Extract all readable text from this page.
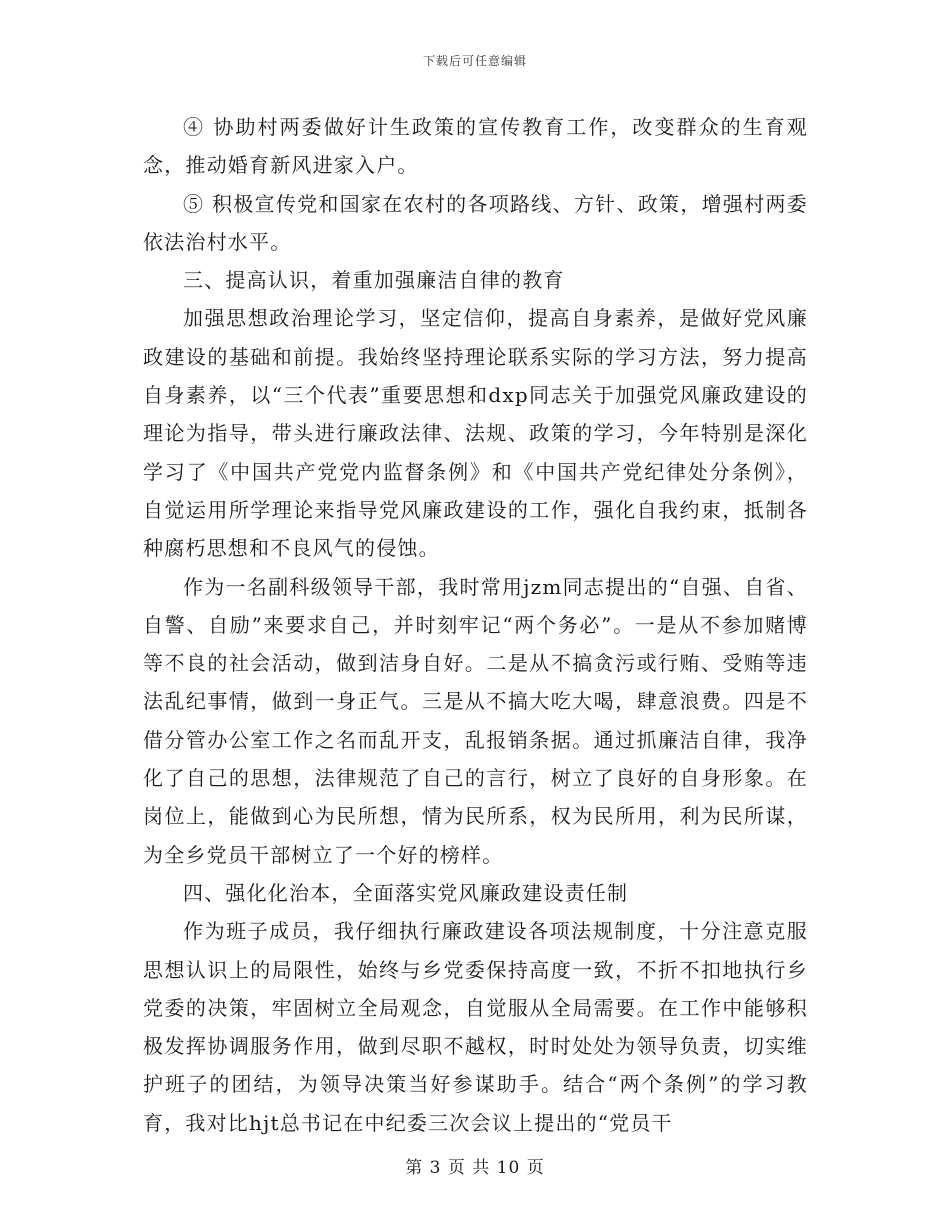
下载后可任意编辑

④ 协助村两委做好计生政策的宣传教育工作，改变群众的生育观念，推动婚育新风进家入户。

⑤ 积极宣传党和国家在农村的各项路线、方针、政策，增强村两委依法治村水平。

三、提高认识，着重加强廉洁自律的教育

加强思想政治理论学习，坚定信仰，提高自身素养，是做好党风廉政建设的基础和前提。我始终坚持理论联系实际的学习方法，努力提高自身素养，以“三个代表”重要思想和dxp同志关于加强党风廉政建设的理论为指导，带头进行廉政法律、法规、政策的学习，今年特别是深化学习了《中国共产党党内监督条例》和《中国共产党纪律处分条例》，自觉运用所学理论来指导党风廉政建设的工作，强化自我约束，抵制各种腐朽思想和不良风气的侵蚀。

作为一名副科级领导干部，我时常用jzm同志提出的“自强、自省、自警、自励”来要求自己，并时刻牢记“两个务必”。一是从不参加赌博等不良的社会活动，做到洁身自好。二是从不搞贪污或行贿、受贿等违法乱纪事情，做到一身正气。三是从不搞大吃大喝，肆意浪费。四是不借分管办公室工作之名而乱开支，乱报销条据。通过抓廉洁自律，我净化了自己的思想，法律规范了自己的言行，树立了良好的自身形象。在岗位上，能做到心为民所想，情为民所系，权为民所用，利为民所谋，为全乡党员干部树立了一个好的榜样。

四、强化化治本，全面落实党风廉政建设责任制

作为班子成员，我仔细执行廉政建设各项法规制度，十分注意克服思想认识上的局限性，始终与乡党委保持高度一致，不折不扣地执行乡党委的决策，牢固树立全局观念，自觉服从全局需要。在工作中能够积极发挥协调服务作用，做到尽职不越权，时时处处为领导负责，切实维护班子的团结，为领导决策当好参谋助手。结合“两个条例”的学习教育，我对比hjt总书记在中纪委三次会议上提出的“党员干

第 3 页 共 10 页
